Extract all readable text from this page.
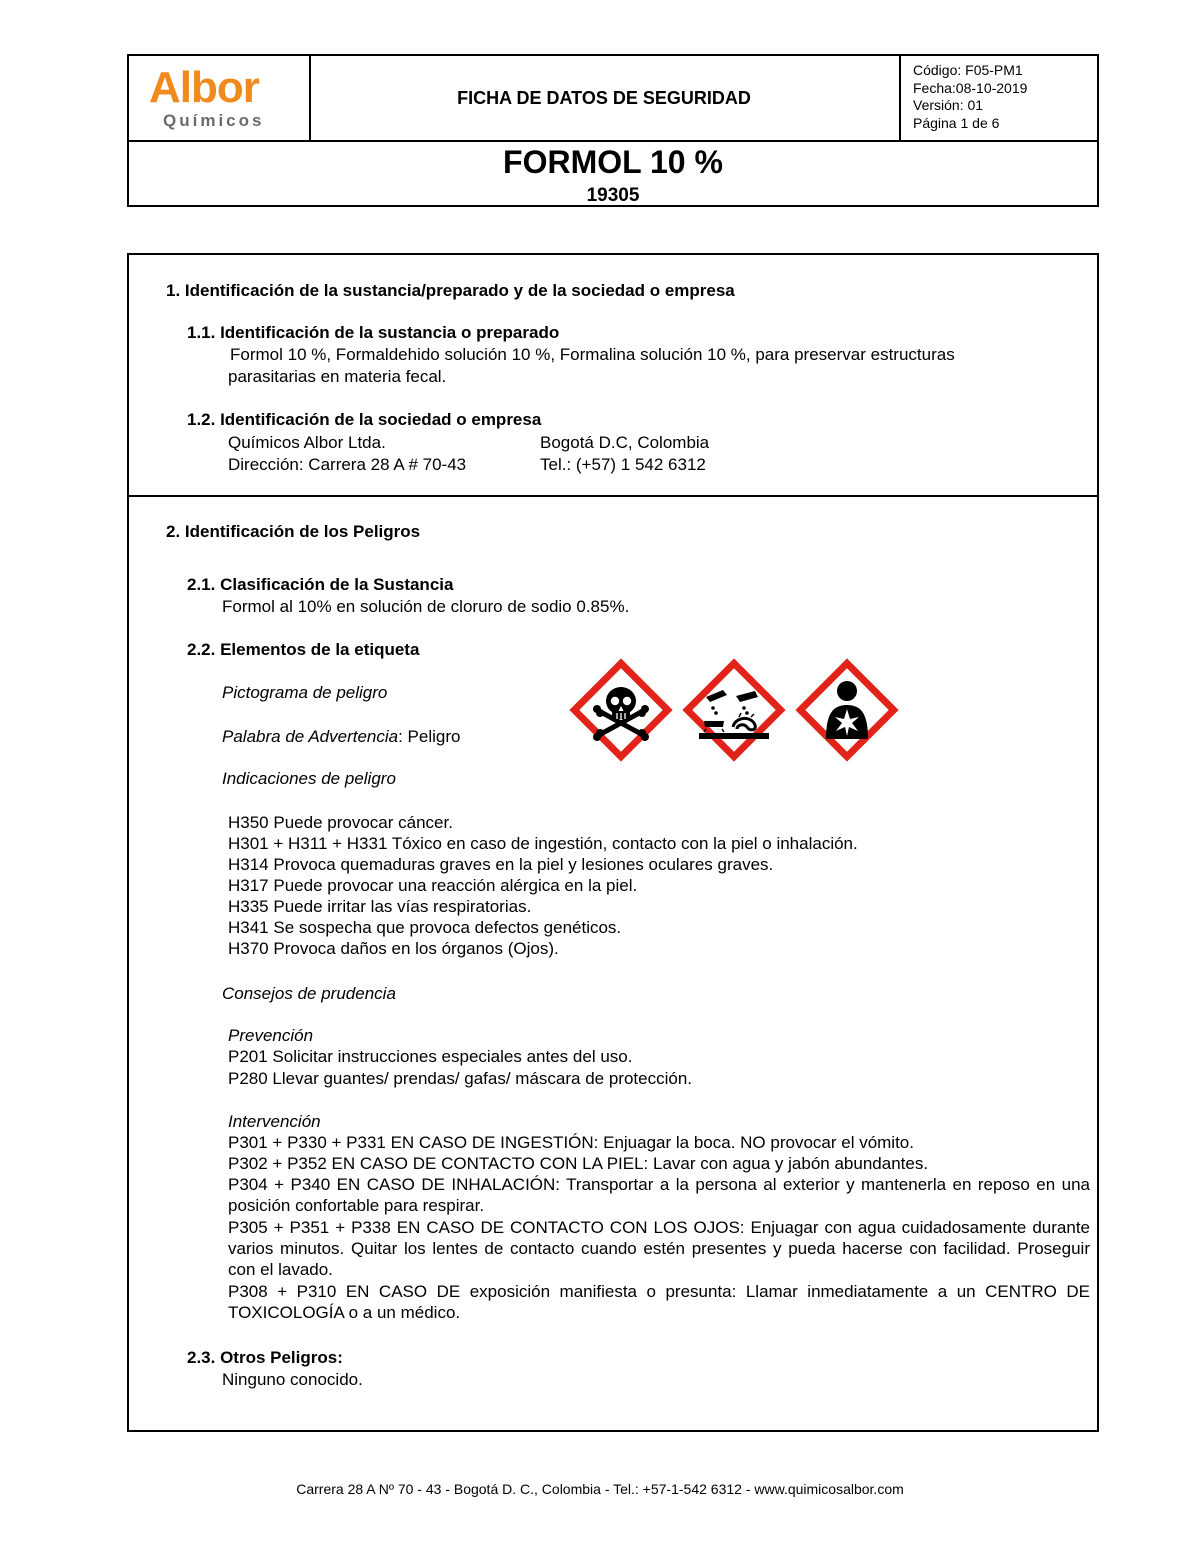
Albor
Químicos
FICHA DE DATOS DE SEGURIDAD
Código: F05-PM1
Fecha:08-10-2019
Versión: 01
Página 1 de 6
FORMOL 10 %
19305
1. Identificación de la sustancia/preparado y de la sociedad o empresa
1.1. Identificación de la sustancia o preparado
Formol 10 %, Formaldehido solución 10 %, Formalina solución 10 %, para preservar estructuras
parasitarias en materia fecal.
1.2. Identificación de la sociedad o empresa
Químicos Albor Ltda.	Bogotá D.C, Colombia
Dirección: Carrera 28 A # 70-43	Tel.: (+57) 1 542 6312
2. Identificación de los Peligros
2.1. Clasificación de la Sustancia
Formol al 10% en solución de cloruro de sodio 0.85%.
2.2. Elementos de la etiqueta
Pictograma de peligro
Palabra de Advertencia: Peligro
Indicaciones de peligro
H350 Puede provocar cáncer.
H301 + H311 + H331 Tóxico en caso de ingestión, contacto con la piel o inhalación.
H314 Provoca quemaduras graves en la piel y lesiones oculares graves.
H317 Puede provocar una reacción alérgica en la piel.
H335 Puede irritar las vías respiratorias.
H341 Se sospecha que provoca defectos genéticos.
H370 Provoca daños en los órganos (Ojos).
Consejos de prudencia
Prevención
P201 Solicitar instrucciones especiales antes del uso.
P280 Llevar guantes/ prendas/ gafas/ máscara de protección.
Intervención
P301 + P330 + P331 EN CASO DE INGESTIÓN: Enjuagar la boca. NO provocar el vómito.
P302 + P352 EN CASO DE CONTACTO CON LA PIEL: Lavar con agua y jabón abundantes.
P304 + P340 EN CASO DE INHALACIÓN: Transportar a la persona al exterior y mantenerla en reposo en una posición confortable para respirar.
P305 + P351 + P338 EN CASO DE CONTACTO CON LOS OJOS: Enjuagar con agua cuidadosamente durante varios minutos. Quitar los lentes de contacto cuando estén presentes y pueda hacerse con facilidad. Proseguir con el lavado.
P308 + P310 EN CASO DE exposición manifiesta o presunta: Llamar inmediatamente a un CENTRO DE TOXICOLOGÍA o a un médico.
2.3. Otros Peligros:
Ninguno conocido.
Carrera 28 A Nº 70 - 43 - Bogotá D. C., Colombia - Tel.: +57-1-542 6312 - www.quimicosalbor.com
